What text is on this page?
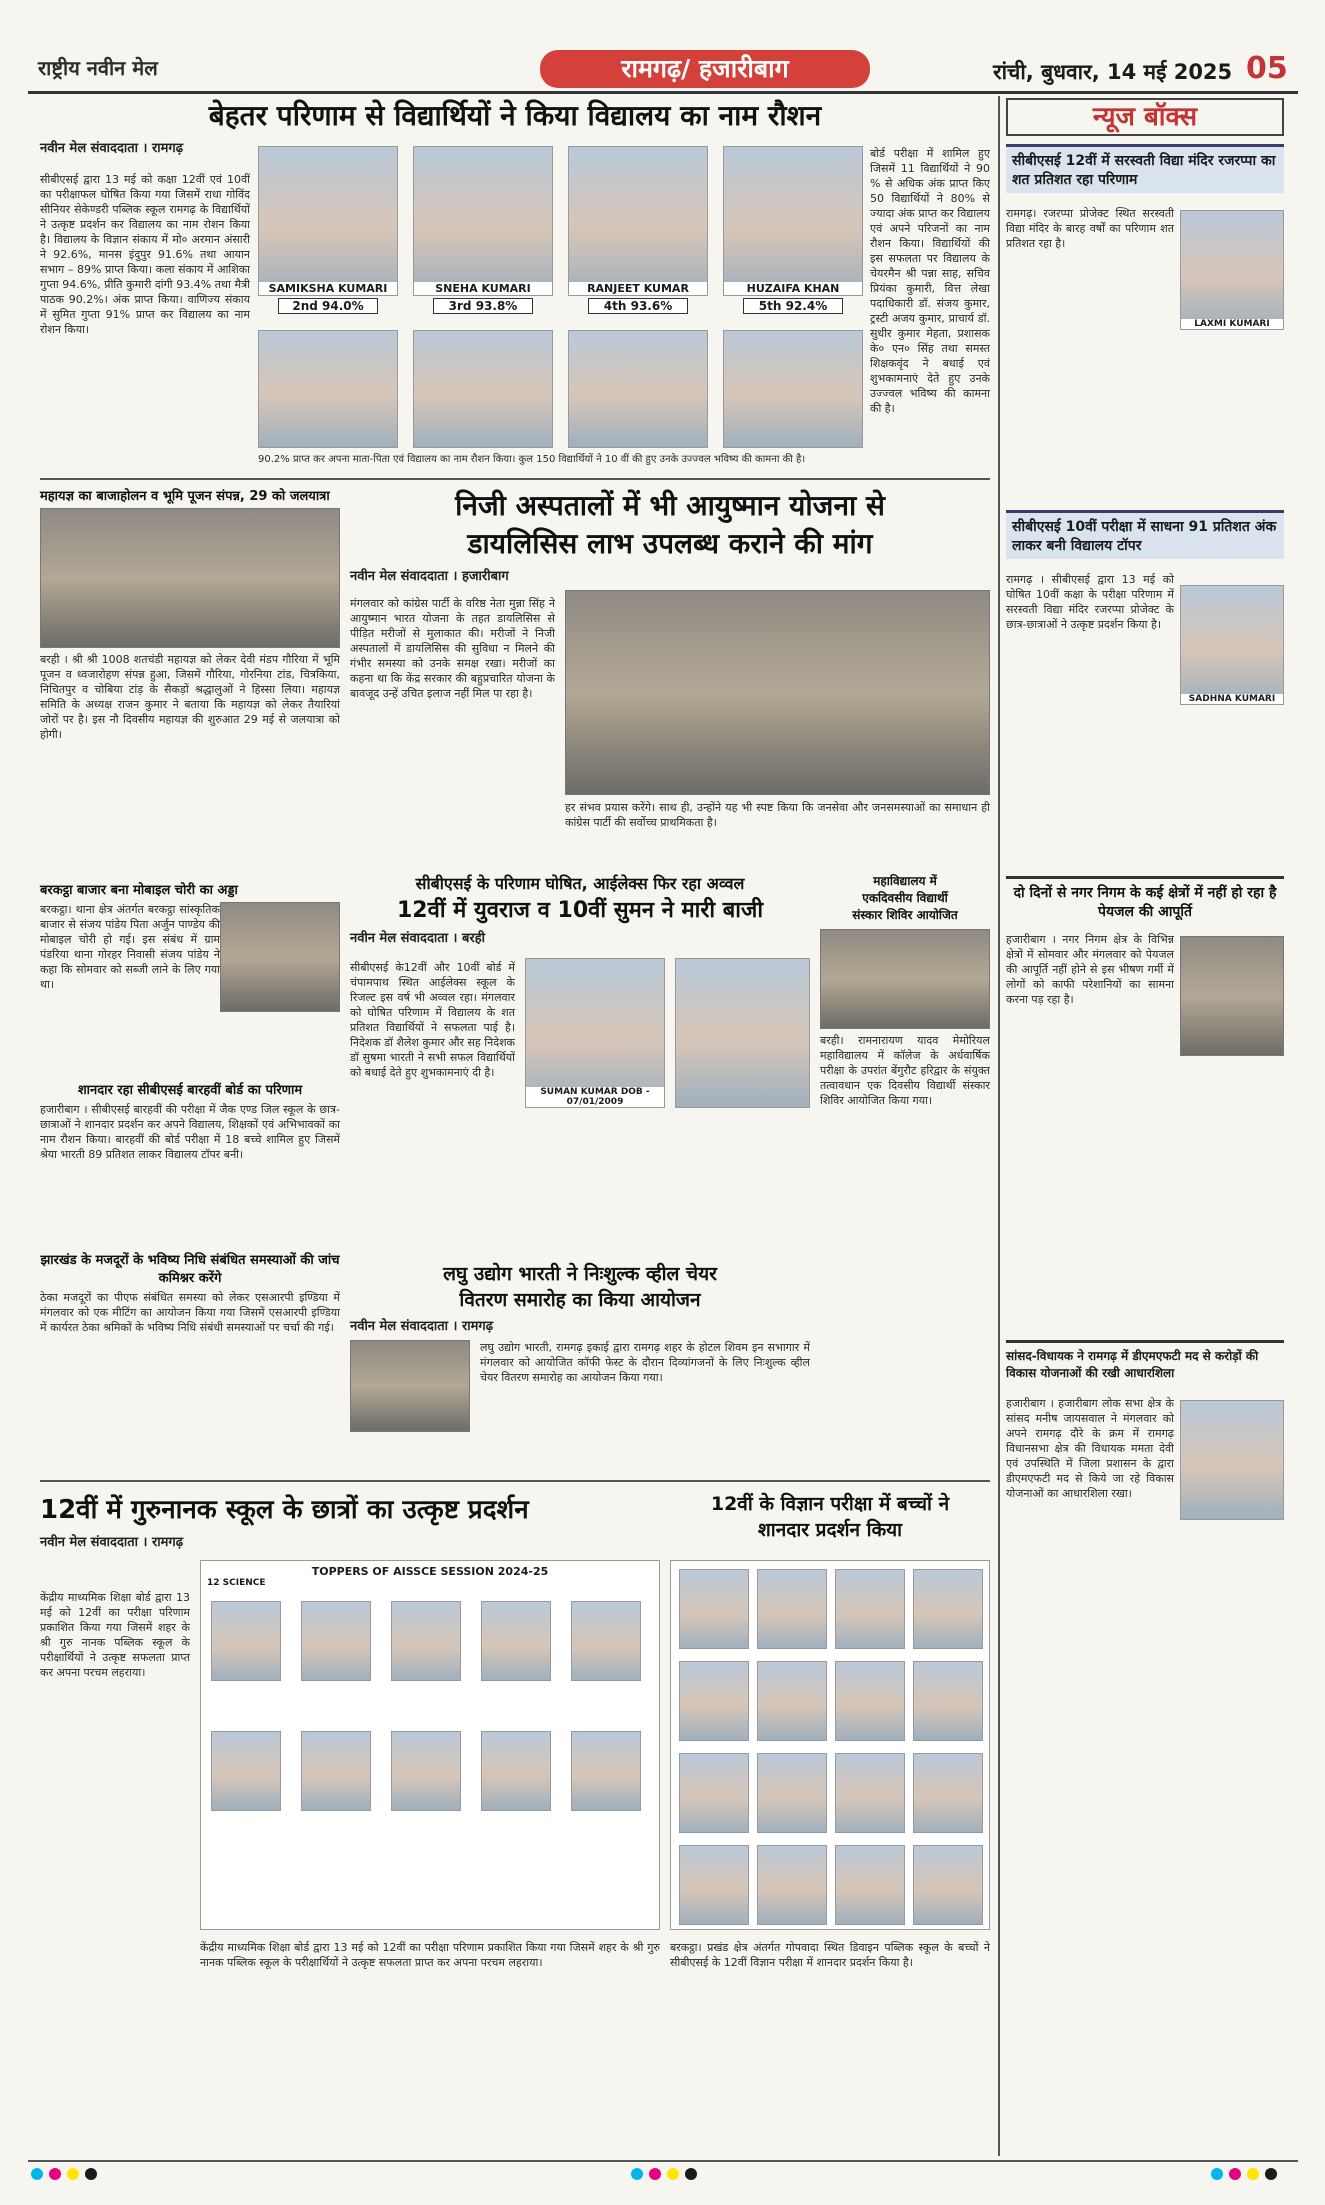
राष्ट्रीय नवीन मेल	रामगढ़/ हजारीबाग	रांची, बुधवार, 14 मई 2025 05
बेहतर परिणाम से विद्यार्थियों ने किया विद्यालय का नाम रौशन
नवीन मेल संवाददाता । रामगढ़
सीबीएसई द्वारा 13 मई को कक्षा 12वीं एवं 10वीं का परीक्षाफल घोषित किया गया जिसमें राधा गोविंद सीनियर सेकेण्डरी पब्लिक स्कूल रामगढ़ के विद्यार्थियों ने उत्कृष्ट प्रदर्शन कर विद्यालय का नाम रोशन किया है। विद्यालय के विज्ञान संकाय में मो० अरमान अंसारी ने 92.6%, मानस इंदुपुर 91.6% तथा आयान सभाग – 89% प्राप्त किया। कला संकाय में आशिका गुप्ता 94.6%, प्रीति कुमारी दांगी 93.4% तथा मैत्री पाठक 90.2%। अंक प्राप्त किया। वाणिज्य संकाय में सुमित गुप्ता 91% प्राप्त कर विद्यालय का नाम रोशन किया।
SAMIKSHA KUMARI
2nd 94.0%
SNEHA KUMARI
3rd 93.8%
RANJEET KUMAR
4th 93.6%
HUZAIFA KHAN
5th 92.4%
90.2% प्राप्त कर अपना माता-पिता एवं विद्यालय का नाम रौशन किया। कुल 150 विद्यार्थियों ने 10 वीं की हुए उनके उज्ज्वल भविष्य की कामना की है।
बोर्ड परीक्षा में शामिल हुए जिसमें 11 विद्यार्थियों ने 90 % से अधिक अंक प्राप्त किए 50 विद्यार्थियों ने 80% से ज्यादा अंक प्राप्त कर विद्यालय एवं अपने परिजनों का नाम रौशन किया। विद्यार्थियों की इस सफलता पर विद्यालय के चेयरमैन श्री पन्ना साह, सचिव प्रियंका कुमारी, वित्त लेखा पदाधिकारी डॉ. संजय कुमार, ट्रस्टी अजय कुमार, प्राचार्य डॉ. सुधीर कुमार मेहता, प्रशासक के० एन० सिंह तथा समस्त शिक्षकवृंद ने बधाई एवं शुभकामनाएं देते हुए उनके उज्ज्वल भविष्य की कामना की है।
महायज्ञ का बाजाहोलन व भूमि पूजन संपन्न, 29 को जलयात्रा
बरही । श्री श्री 1008 शतचंडी महायज्ञ को लेकर देवी मंडप गौरिया में भूमि पूजन व ध्वजारोहण संपन्न हुआ, जिसमें गौरिया, गोरनिया टांड, चित्रकिया, निचितपुर व चोबिया टांड़ के सैकड़ों श्रद्धालुओं ने हिस्सा लिया। महायज्ञ समिति के अध्यक्ष राजन कुमार ने बताया कि महायज्ञ को लेकर तैयारियां जोरों पर है। इस नौ दिवसीय महायज्ञ की शुरुआत 29 मई से जलयात्रा को होगी।
निजी अस्पतालों में भी आयुष्मान योजना से
डायलिसिस लाभ उपलब्ध कराने की मांग
नवीन मेल संवाददाता । हजारीबाग
मंगलवार को कांग्रेस पार्टी के वरिष्ठ नेता मुन्ना सिंह ने आयुष्मान भारत योजना के तहत डायलिसिस से पीड़ित मरीजों से मुलाकात की। मरीजों ने निजी अस्पतालों में डायलिसिस की सुविधा न मिलने की गंभीर समस्या को उनके समक्ष रखा। मरीजों का कहना था कि केंद्र सरकार की बहुप्रचारित योजना के बावजूद उन्हें उचित इलाज नहीं मिल पा रहा है।
हर संभव प्रयास करेंगे। साथ ही, उन्होंने यह भी स्पष्ट किया कि जनसेवा और जनसमस्याओं का समाधान ही कांग्रेस पार्टी की सर्वोच्च प्राथमिकता है।
बरकट्ठा बाजार बना मोबाइल चोरी का अड्डा
बरकट्ठा। थाना क्षेत्र अंतर्गत बरकट्ठा सांस्कृतिक बाजार से संजय पांडेय पिता अर्जुन पाण्डेय की मोबाइल चोरी हो गई। इस संबंध में ग्राम पंडरिया थाना गोरहर निवासी संजय पांडेय ने कहा कि सोमवार को सब्जी लाने के लिए गया था।
शानदार रहा सीबीएसई बारहवीं बोर्ड का परिणाम
हजारीबाग । सीबीएसई बारहवीं की परीक्षा में जैक एण्ड जिल स्कूल के छात्र-छात्राओं ने शानदार प्रदर्शन कर अपने विद्यालय, शिक्षकों एवं अभिभावकों का नाम रौशन किया। बारहवीं की बोर्ड परीक्षा में 18 बच्चे शामिल हुए जिसमें श्रेया भारती 89 प्रतिशत लाकर विद्यालय टॉपर बनी।
झारखंड के मजदूरों के भविष्य निधि संबंधित समस्याओं की जांच कमिश्नर करेंगे
ठेका मजदूरों का पीएफ संबंधित समस्या को लेकर एसआरपी इण्डिया में मंगलवार को एक मीटिंग का आयोजन किया गया जिसमें एसआरपी इण्डिया में कार्यरत ठेका श्रमिकों के भविष्य निधि संबंधी समस्याओं पर चर्चा की गई।
सीबीएसई के परिणाम घोषित, आईलेक्स फिर रहा अव्वल
12वीं में युवराज व 10वीं सुमन ने मारी बाजी
नवीन मेल संवाददाता । बरही
सीबीएसई के12वीं और 10वीं बोर्ड में चंपामपाथ स्थित आईलेक्स स्कूल के रिजल्ट इस वर्ष भी अव्वल रहा। मंगलवार को घोषित परिणाम में विद्यालय के शत प्रतिशत विद्यार्थियों ने सफलता पाई है। निदेशक डॉ शैलेश कुमार और सह निदेशक डॉ सुषमा भारती ने सभी सफल विद्यार्थियों को बधाई देते हुए शुभकामनाएं दी है।
SUMAN KUMAR DOB - 07/01/2009
महाविद्यालय में
एकदिवसीय विद्यार्थी
संस्कार शिविर आयोजित
बरही। रामनारायण यादव मेमोरियल महाविद्यालय में कॉलेज के अर्धवार्षिक परीक्षा के उपरांत बेंगुरौट हरिद्वार के संयुक्त तत्वावधान एक दिवसीय विद्यार्थी संस्कार शिविर आयोजित किया गया।
लघु उद्योग भारती ने निःशुल्क व्हील चेयर
वितरण समारोह का किया आयोजन
नवीन मेल संवाददाता । रामगढ़
लघु उद्योग भारती, रामगढ़ इकाई द्वारा रामगढ़ शहर के होटल शिवम इन सभागार में मंगलवार को आयोजित कॉफी फेस्ट के दौरान दिव्यांगजनों के लिए निःशुल्क व्हील चेयर वितरण समारोह का आयोजन किया गया।
12वीं में गुरुनानक स्कूल के छात्रों का उत्कृष्ट प्रदर्शन
नवीन मेल संवाददाता । रामगढ़
केंद्रीय माध्यमिक शिक्षा बोर्ड द्वारा 13 मई को 12वीं का परीक्षा परिणाम प्रकाशित किया गया जिसमें शहर के श्री गुरु नानक पब्लिक स्कूल के परीक्षार्थियों ने उत्कृष्ट सफलता प्राप्त कर अपना परचम लहराया।
TOPPERS OF AISSCE SESSION 2024-25
12 SCIENCE
12वीं के विज्ञान परीक्षा में बच्चों ने
शानदार प्रदर्शन किया
बरकट्ठा। प्रखंड क्षेत्र अंतर्गत गोपवादा स्थित डिवाइन पब्लिक स्कूल के बच्चों ने सीबीएसई के 12वीं विज्ञान परीक्षा में शानदार प्रदर्शन किया है।
केंद्रीय माध्यमिक शिक्षा बोर्ड द्वारा 13 मई को 12वीं का परीक्षा परिणाम प्रकाशित किया गया जिसमें शहर के श्री गुरु नानक पब्लिक स्कूल के परीक्षार्थियों ने उत्कृष्ट सफलता प्राप्त कर अपना परचम लहराया।
न्यूज बॉक्स
सीबीएसई 12वीं में सरस्वती विद्या मंदिर रजरप्पा का शत प्रतिशत रहा परिणाम
रामगढ़। रजरप्पा प्रोजेक्ट स्थित सरस्वती विद्या मंदिर के बारह वर्षों का परिणाम शत प्रतिशत रहा है।
LAXMI KUMARI
सीबीएसई 10वीं परीक्षा में साधना 91 प्रतिशत अंक लाकर बनी विद्यालय टॉपर
रामगढ़ । सीबीएसई द्वारा 13 मई को घोषित 10वीं कक्षा के परीक्षा परिणाम में सरस्वती विद्या मंदिर रजरप्पा प्रोजेक्ट के छात्र-छात्राओं ने उत्कृष्ट प्रदर्शन किया है।
SADHNA KUMARI
दो दिनों से नगर निगम के कई क्षेत्रों में नहीं हो रहा है पेयजल की आपूर्ति
हजारीबाग । नगर निगम क्षेत्र के विभिन्न क्षेत्रों में सोमवार और मंगलवार को पेयजल की आपूर्ति नहीं होने से इस भीषण गर्मी में लोगों को काफी परेशानियों का सामना करना पड़ रहा है।
सांसद-विधायक ने रामगढ़ में डीएमएफटी मद से करोड़ों की विकास योजनाओं की रखी आधारशिला
हजारीबाग । हजारीबाग लोक सभा क्षेत्र के सांसद मनीष जायसवाल ने मंगलवार को अपने रामगढ़ दौरे के क्रम में रामगढ़ विधानसभा क्षेत्र की विधायक ममता देवी एवं उपस्थिति में जिला प्रशासन के द्वारा डीएमएफटी मद से किये जा रहे विकास योजनाओं का आधारशिला रखा।
